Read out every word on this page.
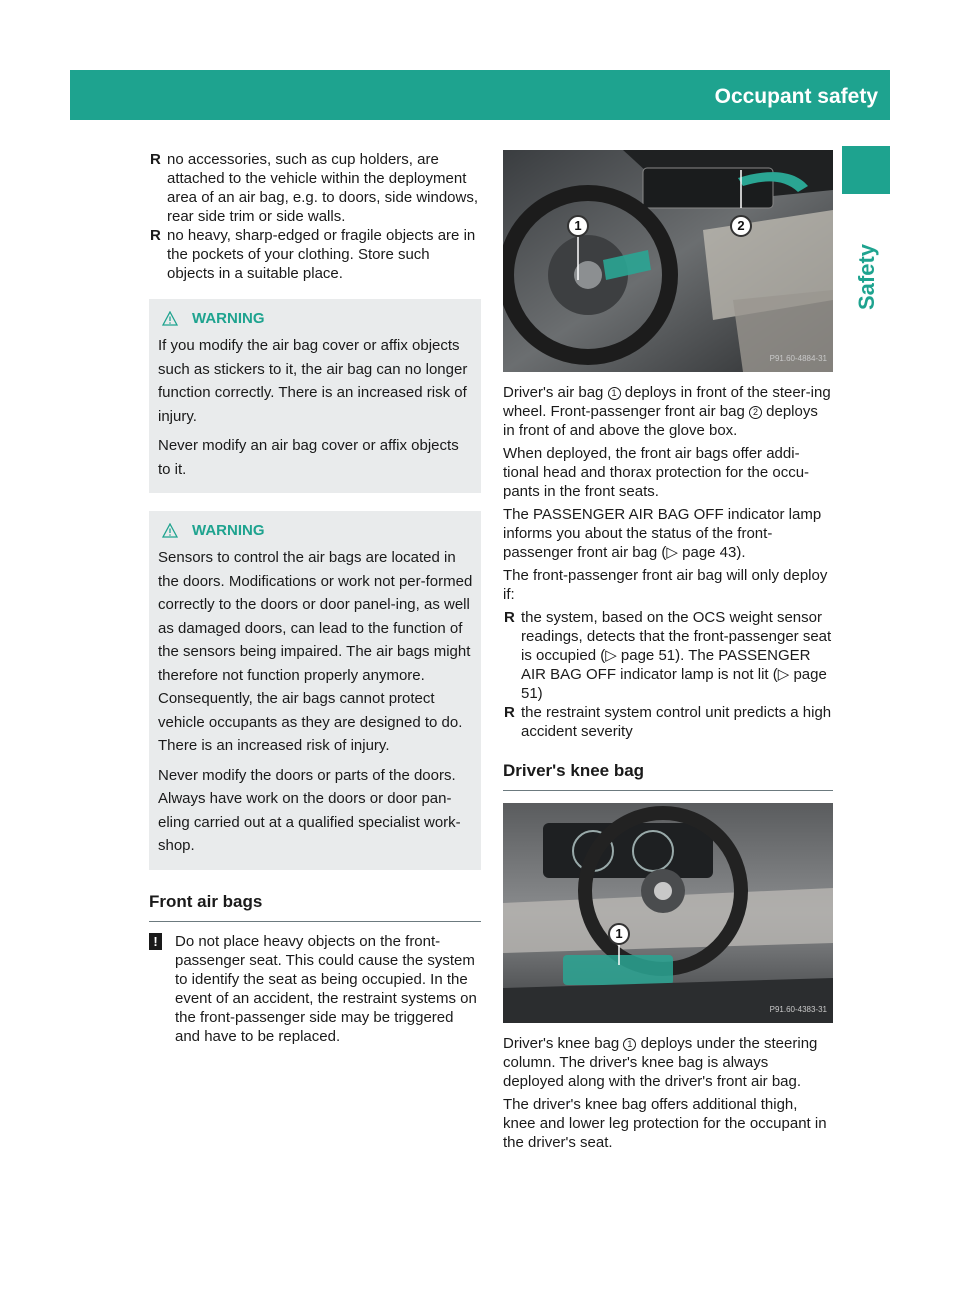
Occupant safety	49
Safety
R no accessories, such as cup holders, are attached to the vehicle within the deployment area of an air bag, e.g. to doors, side windows, rear side trim or side walls.
R no heavy, sharp-edged or fragile objects are in the pockets of your clothing. Store such objects in a suitable place.
WARNING

If you modify the air bag cover or affix objects such as stickers to it, the air bag can no longer function correctly. There is an increased risk of injury.

Never modify an air bag cover or affix objects to it.

WARNING

Sensors to control the air bags are located in the doors. Modifications or work not per-formed correctly to the doors or door panel-ing, as well as damaged doors, can lead to the function of the sensors being impaired. The air bags might therefore not function properly anymore. Consequently, the air bags cannot protect vehicle occupants as they are designed to do. There is an increased risk of injury.

Never modify the doors or parts of the doors. Always have work on the doors or door pan-eling carried out at a qualified specialist work-shop.

Front air bags
! Do not place heavy objects on the front-passenger seat. This could cause the system to identify the seat as being occupied. In the event of an accident, the restraint systems on the front-passenger side may be triggered and have to be replaced.
1	2
P91.60-4884-31

Driver's air bag 1 deploys in front of the steer-ing wheel. Front-passenger front air bag 2 deploys in front of and above the glove box.

When deployed, the front air bags offer addi-tional head and thorax protection for the occu-pants in the front seats.

The PASSENGER AIR BAG OFF indicator lamp informs you about the status of the front-passenger front air bag (▷ page 43).

The front-passenger front air bag will only deploy if:

R the system, based on the OCS weight sensor readings, detects that the front-passenger seat is occupied (▷ page 51). The PASSENGER AIR BAG OFF indicator lamp is not lit (▷ page 51)
R the restraint system control unit predicts a high accident severity
Driver's knee bag
1
P91.60-4383-31

Driver's knee bag 1 deploys under the steering column. The driver's knee bag is always deployed along with the driver's front air bag.

The driver's knee bag offers additional thigh, knee and lower leg protection for the occupant in the driver's seat.
